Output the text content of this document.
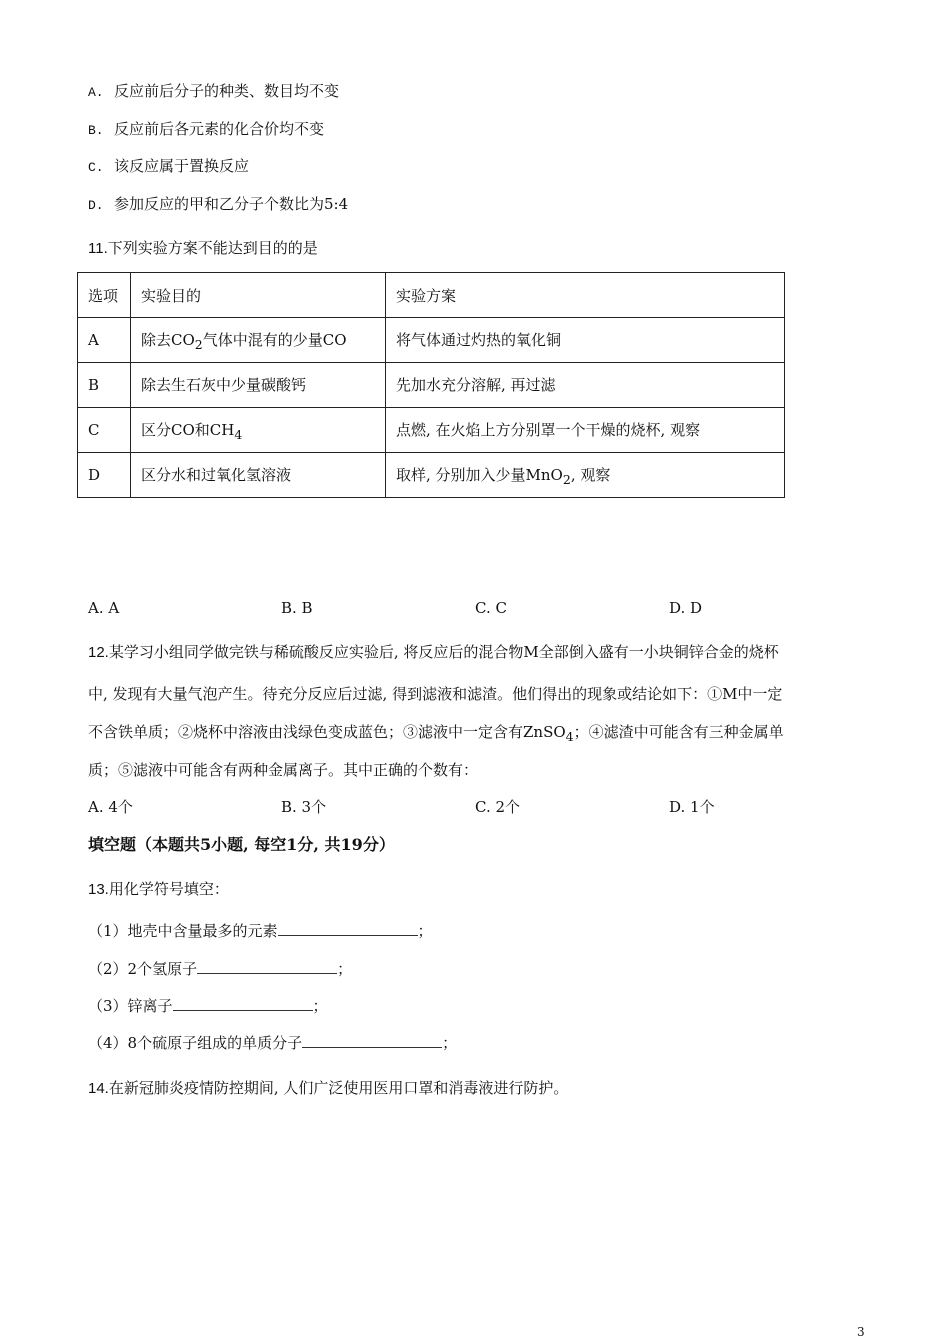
A. 反应前后分子的种类、数目均不变
B. 反应前后各元素的化合价均不变
C. 该反应属于置换反应
D. 参加反应的甲和乙分子个数比为5:4
11.下列实验方案不能达到目的的是
选项	实验目的	实验方案
A	除去$CO_2$气体中混有的少量CO	将气体通过灼热的氧化铜
B	除去生石灰中少量碳酸钙	先加水充分溶解, 再过滤
C	区分CO和$CH_4$	点燃, 在火焰上方分别罩一个干燥的烧杯, 观察
D	区分水和过氧化氢溶液	取样, 分别加入少量MnO$_2$, 观察
A. A	B. B	C. C	D. D
12.某学习小组同学做完铁与稀硫酸反应实验后, 将反应后的混合物M全部倒入盛有一小块铜锌合金的烧杯
中, 发现有大量气泡产生。待充分反应后过滤, 得到滤液和滤渣。他们得出的现象或结论如下：①M中一定
不含铁单质；②烧杯中溶液由浅绿色变成蓝色；③滤液中一定含有ZnSO$_4$；④滤渣中可能含有三种金属单
质；⑤滤液中可能含有两种金属离子。其中正确的个数有：
A. 4个	B. 3个	C. 2个	D. 1个
填空题（本题共5小题, 每空1分, 共19分）
13.用化学符号填空：
（1）地壳中含量最多的元素	；
（2）2个氢原子	；
（3）锌离子	；
（4）8个硫原子组成的单质分子	；
14.在新冠肺炎疫情防控期间, 人们广泛使用医用口罩和消毒液进行防护。
3
